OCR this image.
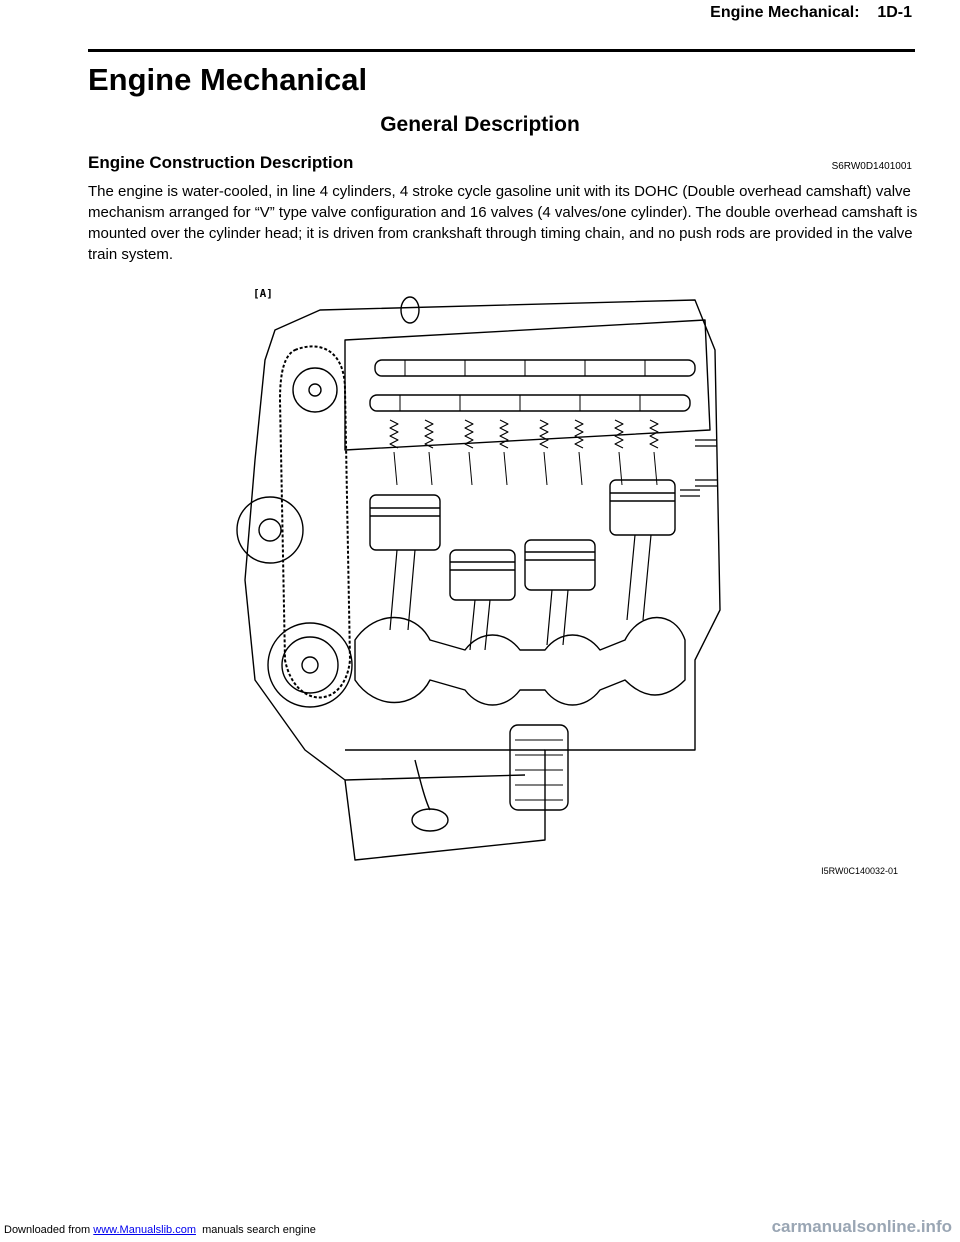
Engine Mechanical:    1D-1
Engine Mechanical
General Description
Engine Construction Description	S6RW0D1401001

The engine is water-cooled, in line 4 cylinders, 4 stroke cycle gasoline unit with its DOHC (Double overhead camshaft) valve mechanism arranged for “V” type valve configuration and 16 valves (4 valves/one cylinder). The double overhead camshaft is mounted over the cylinder head; it is driven from crankshaft through timing chain, and no push rods are provided in the valve train system.

[A]
I5RW0C140032-01
Downloaded from www.Manualslib.com  manuals search engine	carmanualsonline.info
